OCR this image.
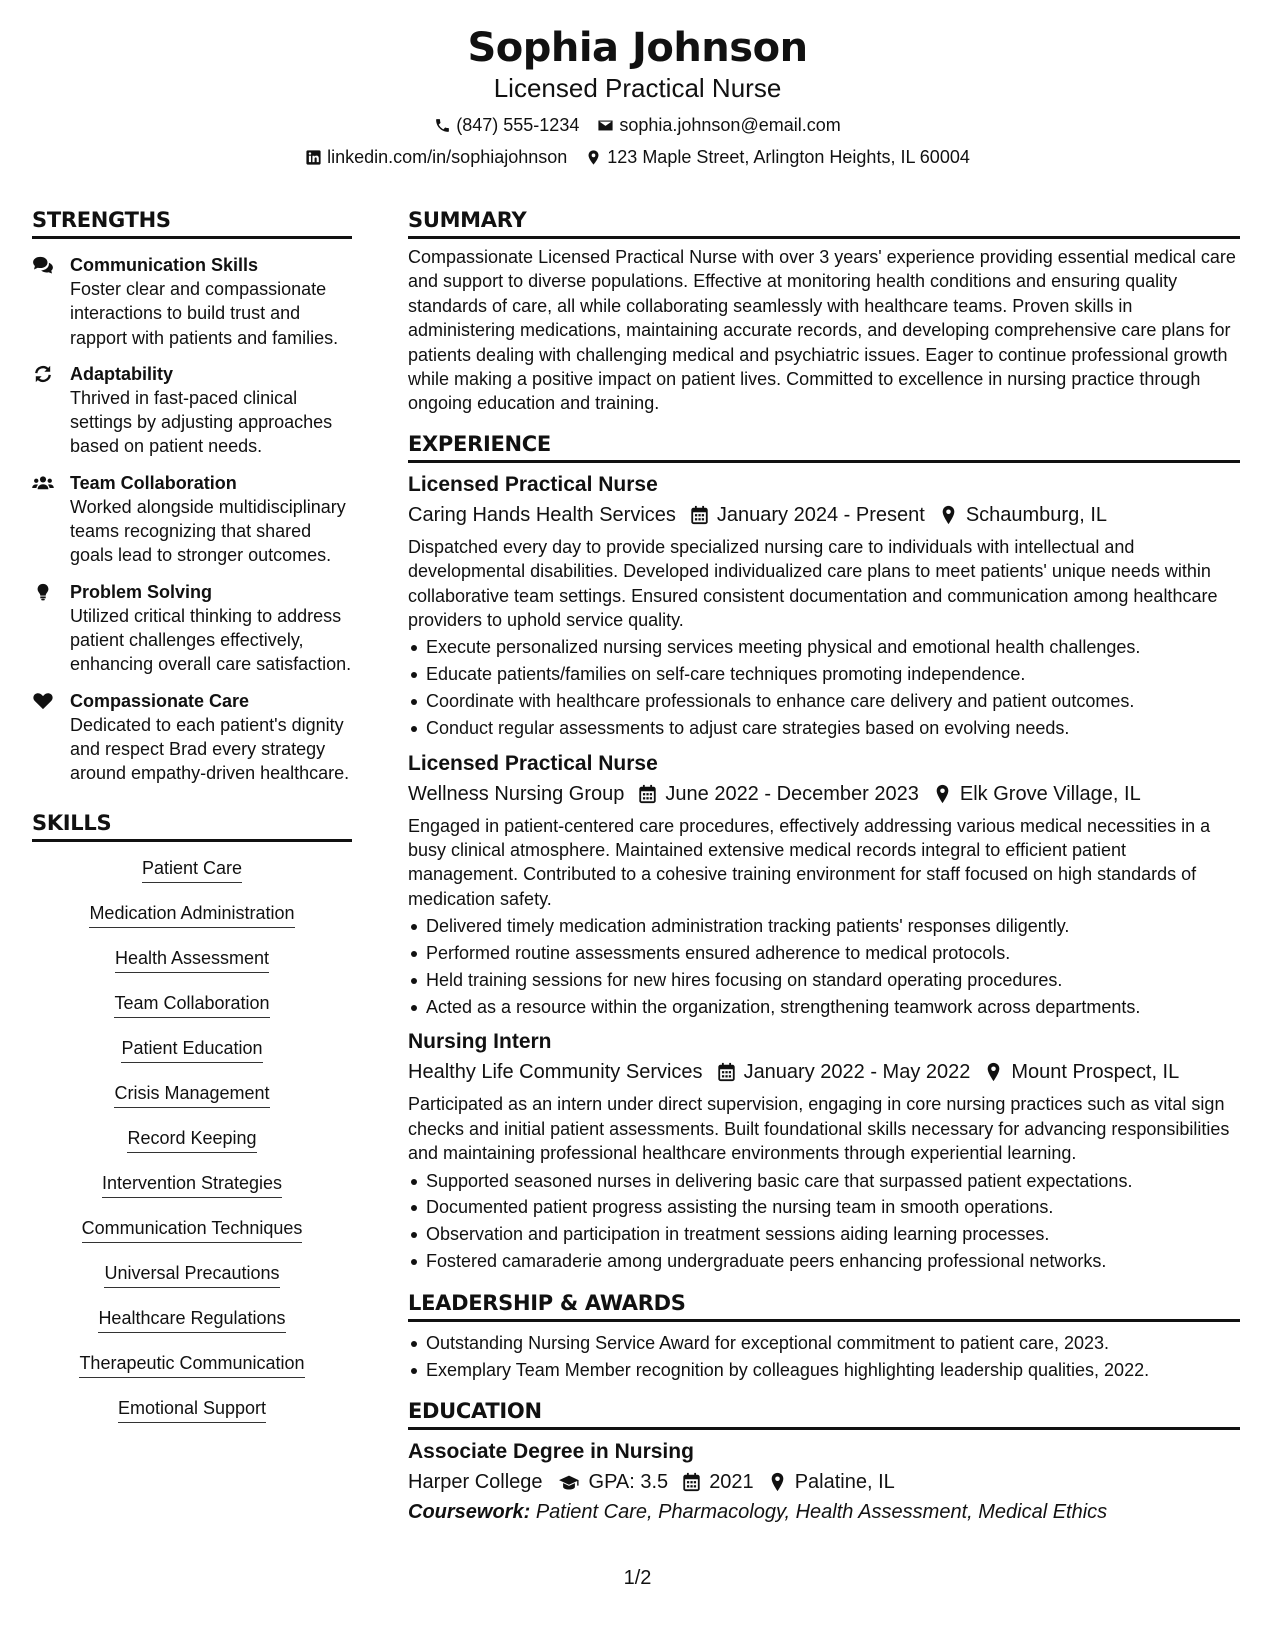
Sophia Johnson
Licensed Practical Nurse
(847) 555-1234 sophia.johnson@email.com
linkedin.com/in/sophiajohnson 123 Maple Street, Arlington Heights, IL 60004
STRENGTHS
Communication Skills
Foster clear and compassionate interactions to build trust and rapport with patients and families.
Adaptability
Thrived in fast-paced clinical settings by adjusting approaches based on patient needs.
Team Collaboration
Worked alongside multidisciplinary teams recognizing that shared goals lead to stronger outcomes.
Problem Solving
Utilized critical thinking to address patient challenges effectively, enhancing overall care satisfaction.
Compassionate Care
Dedicated to each patient's dignity and respect Brad every strategy around empathy-driven healthcare.
SKILLS
Patient Care
Medication Administration
Health Assessment
Team Collaboration
Patient Education
Crisis Management
Record Keeping
Intervention Strategies
Communication Techniques
Universal Precautions
Healthcare Regulations
Therapeutic Communication
Emotional Support
SUMMARY
Compassionate Licensed Practical Nurse with over 3 years' experience providing essential medical care and support to diverse populations. Effective at monitoring health conditions and ensuring quality standards of care, all while collaborating seamlessly with healthcare teams. Proven skills in administering medications, maintaining accurate records, and developing comprehensive care plans for patients dealing with challenging medical and psychiatric issues. Eager to continue professional growth while making a positive impact on patient lives. Committed to excellence in nursing practice through ongoing education and training.
EXPERIENCE
Licensed Practical Nurse
Caring Hands Health Services January 2024 - Present Schaumburg, IL
Dispatched every day to provide specialized nursing care to individuals with intellectual and developmental disabilities. Developed individualized care plans to meet patients' unique needs within collaborative team settings. Ensured consistent documentation and communication among healthcare providers to uphold service quality.
Execute personalized nursing services meeting physical and emotional health challenges.
Educate patients/families on self-care techniques promoting independence.
Coordinate with healthcare professionals to enhance care delivery and patient outcomes.
Conduct regular assessments to adjust care strategies based on evolving needs.
Licensed Practical Nurse
Wellness Nursing Group June 2022 - December 2023 Elk Grove Village, IL
Engaged in patient-centered care procedures, effectively addressing various medical necessities in a busy clinical atmosphere. Maintained extensive medical records integral to efficient patient management. Contributed to a cohesive training environment for staff focused on high standards of medication safety.
Delivered timely medication administration tracking patients' responses diligently.
Performed routine assessments ensured adherence to medical protocols.
Held training sessions for new hires focusing on standard operating procedures.
Acted as a resource within the organization, strengthening teamwork across departments.
Nursing Intern
Healthy Life Community Services January 2022 - May 2022 Mount Prospect, IL
Participated as an intern under direct supervision, engaging in core nursing practices such as vital sign checks and initial patient assessments. Built foundational skills necessary for advancing responsibilities and maintaining professional healthcare environments through experiential learning.
Supported seasoned nurses in delivering basic care that surpassed patient expectations.
Documented patient progress assisting the nursing team in smooth operations.
Observation and participation in treatment sessions aiding learning processes.
Fostered camaraderie among undergraduate peers enhancing professional networks.
LEADERSHIP & AWARDS
Outstanding Nursing Service Award for exceptional commitment to patient care, 2023.
Exemplary Team Member recognition by colleagues highlighting leadership qualities, 2022.
EDUCATION
Associate Degree in Nursing
Harper College GPA: 3.5 2021 Palatine, IL
Coursework: Patient Care, Pharmacology, Health Assessment, Medical Ethics
1/2
